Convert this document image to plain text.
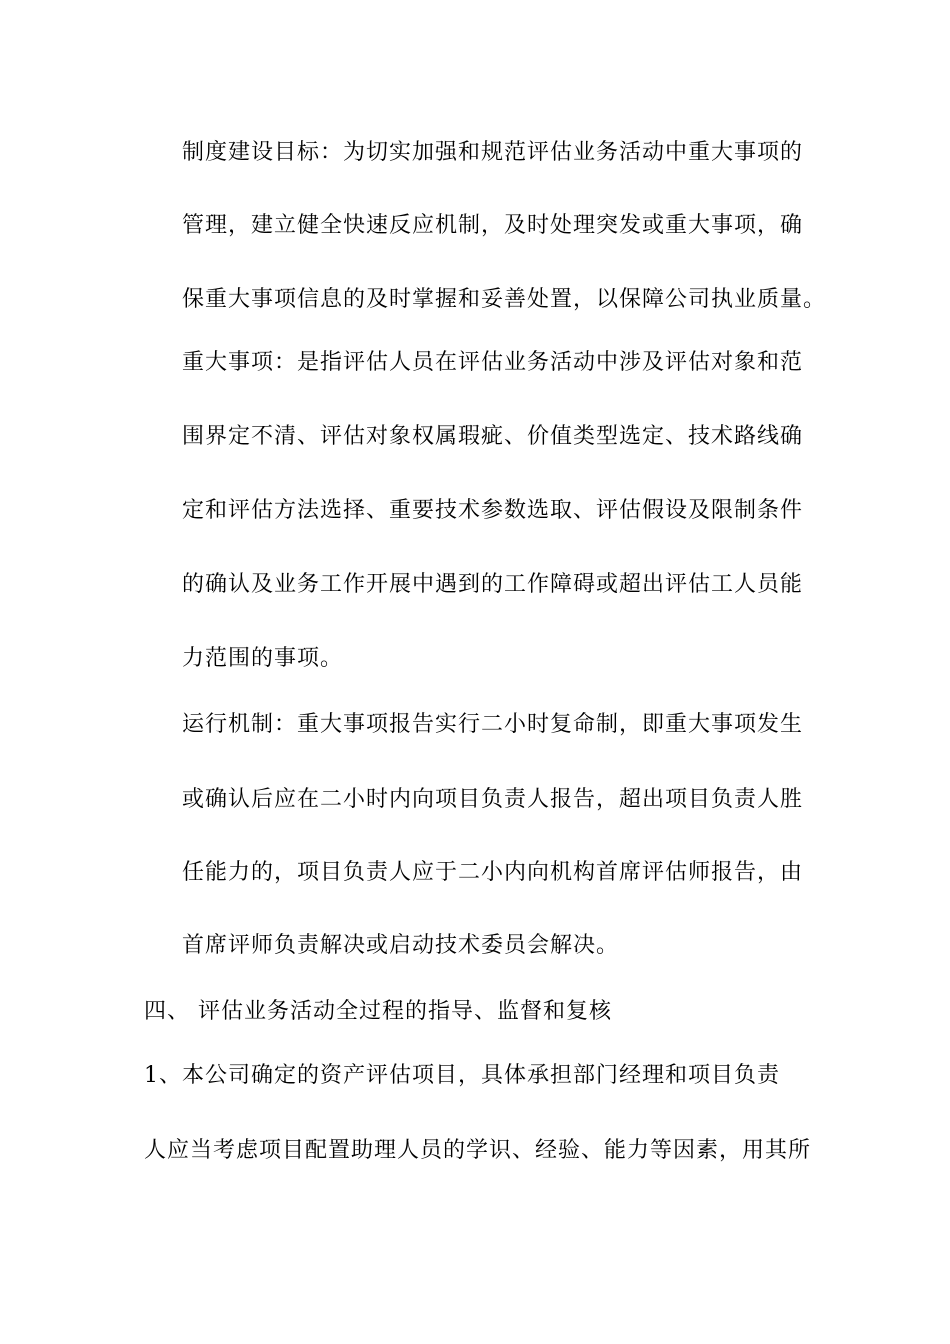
制度建设目标：为切实加强和规范评估业务活动中重大事项的
管理，建立健全快速反应机制，及时处理突发或重大事项，确
保重大事项信息的及时掌握和妥善处置，以保障公司执业质量。
重大事项：是指评估人员在评估业务活动中涉及评估对象和范
围界定不清、评估对象权属瑕疵、价值类型选定、技术路线确
定和评估方法选择、重要技术参数选取、评估假设及限制条件
的确认及业务工作开展中遇到的工作障碍或超出评估工人员能
力范围的事项。
运行机制：重大事项报告实行二小时复命制，即重大事项发生
或确认后应在二小时内向项目负责人报告，超出项目负责人胜
任能力的，项目负责人应于二小内向机构首席评估师报告，由
首席评师负责解决或启动技术委员会解决。
四、 评估业务活动全过程的指导、监督和复核
1、本公司确定的资产评估项目，具体承担部门经理和项目负责
人应当考虑项目配置助理人员的学识、经验、能力等因素，用其所
